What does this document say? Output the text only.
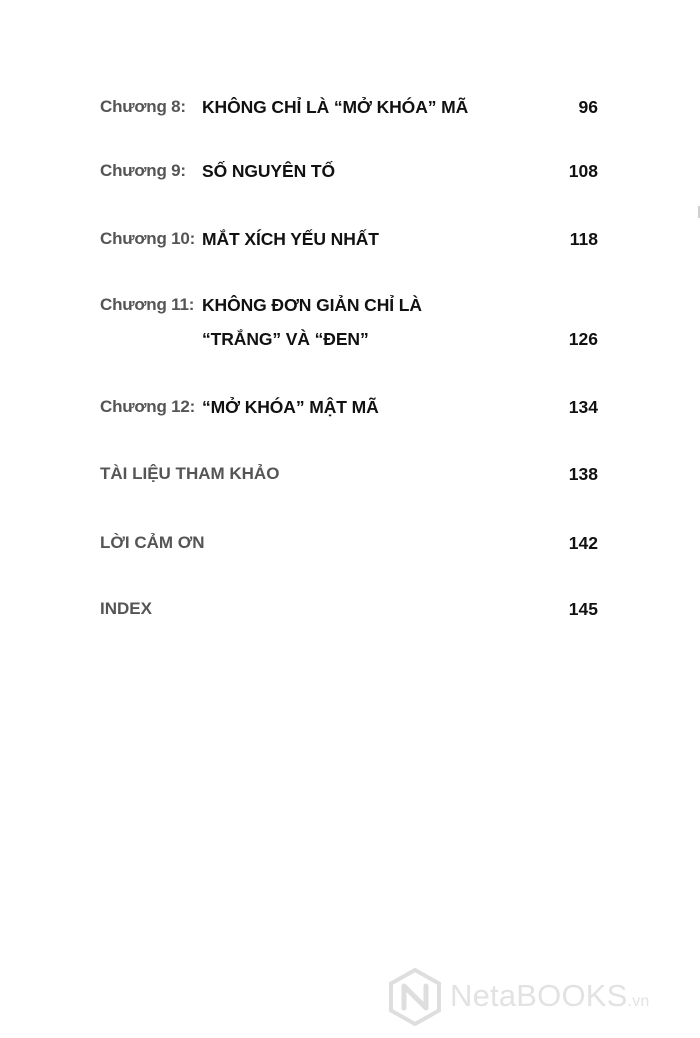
Chương 8: KHÔNG CHỈ LÀ “MỞ KHÓA” MÃ	96
Chương 9: SỐ NGUYÊN TỐ	108
Chương 10: MẮT XÍCH YẾU NHẤT	118
Chương 11: KHÔNG ĐƠN GIẢN CHỈ LÀ
“TRẮNG” VÀ “ĐEN”	126
Chương 12: “MỞ KHÓA” MẬT MÃ	134
TÀI LIỆU THAM KHẢO	138
LỜI CẢM ƠN	142
INDEX	145
NetaBOOKS.vn
